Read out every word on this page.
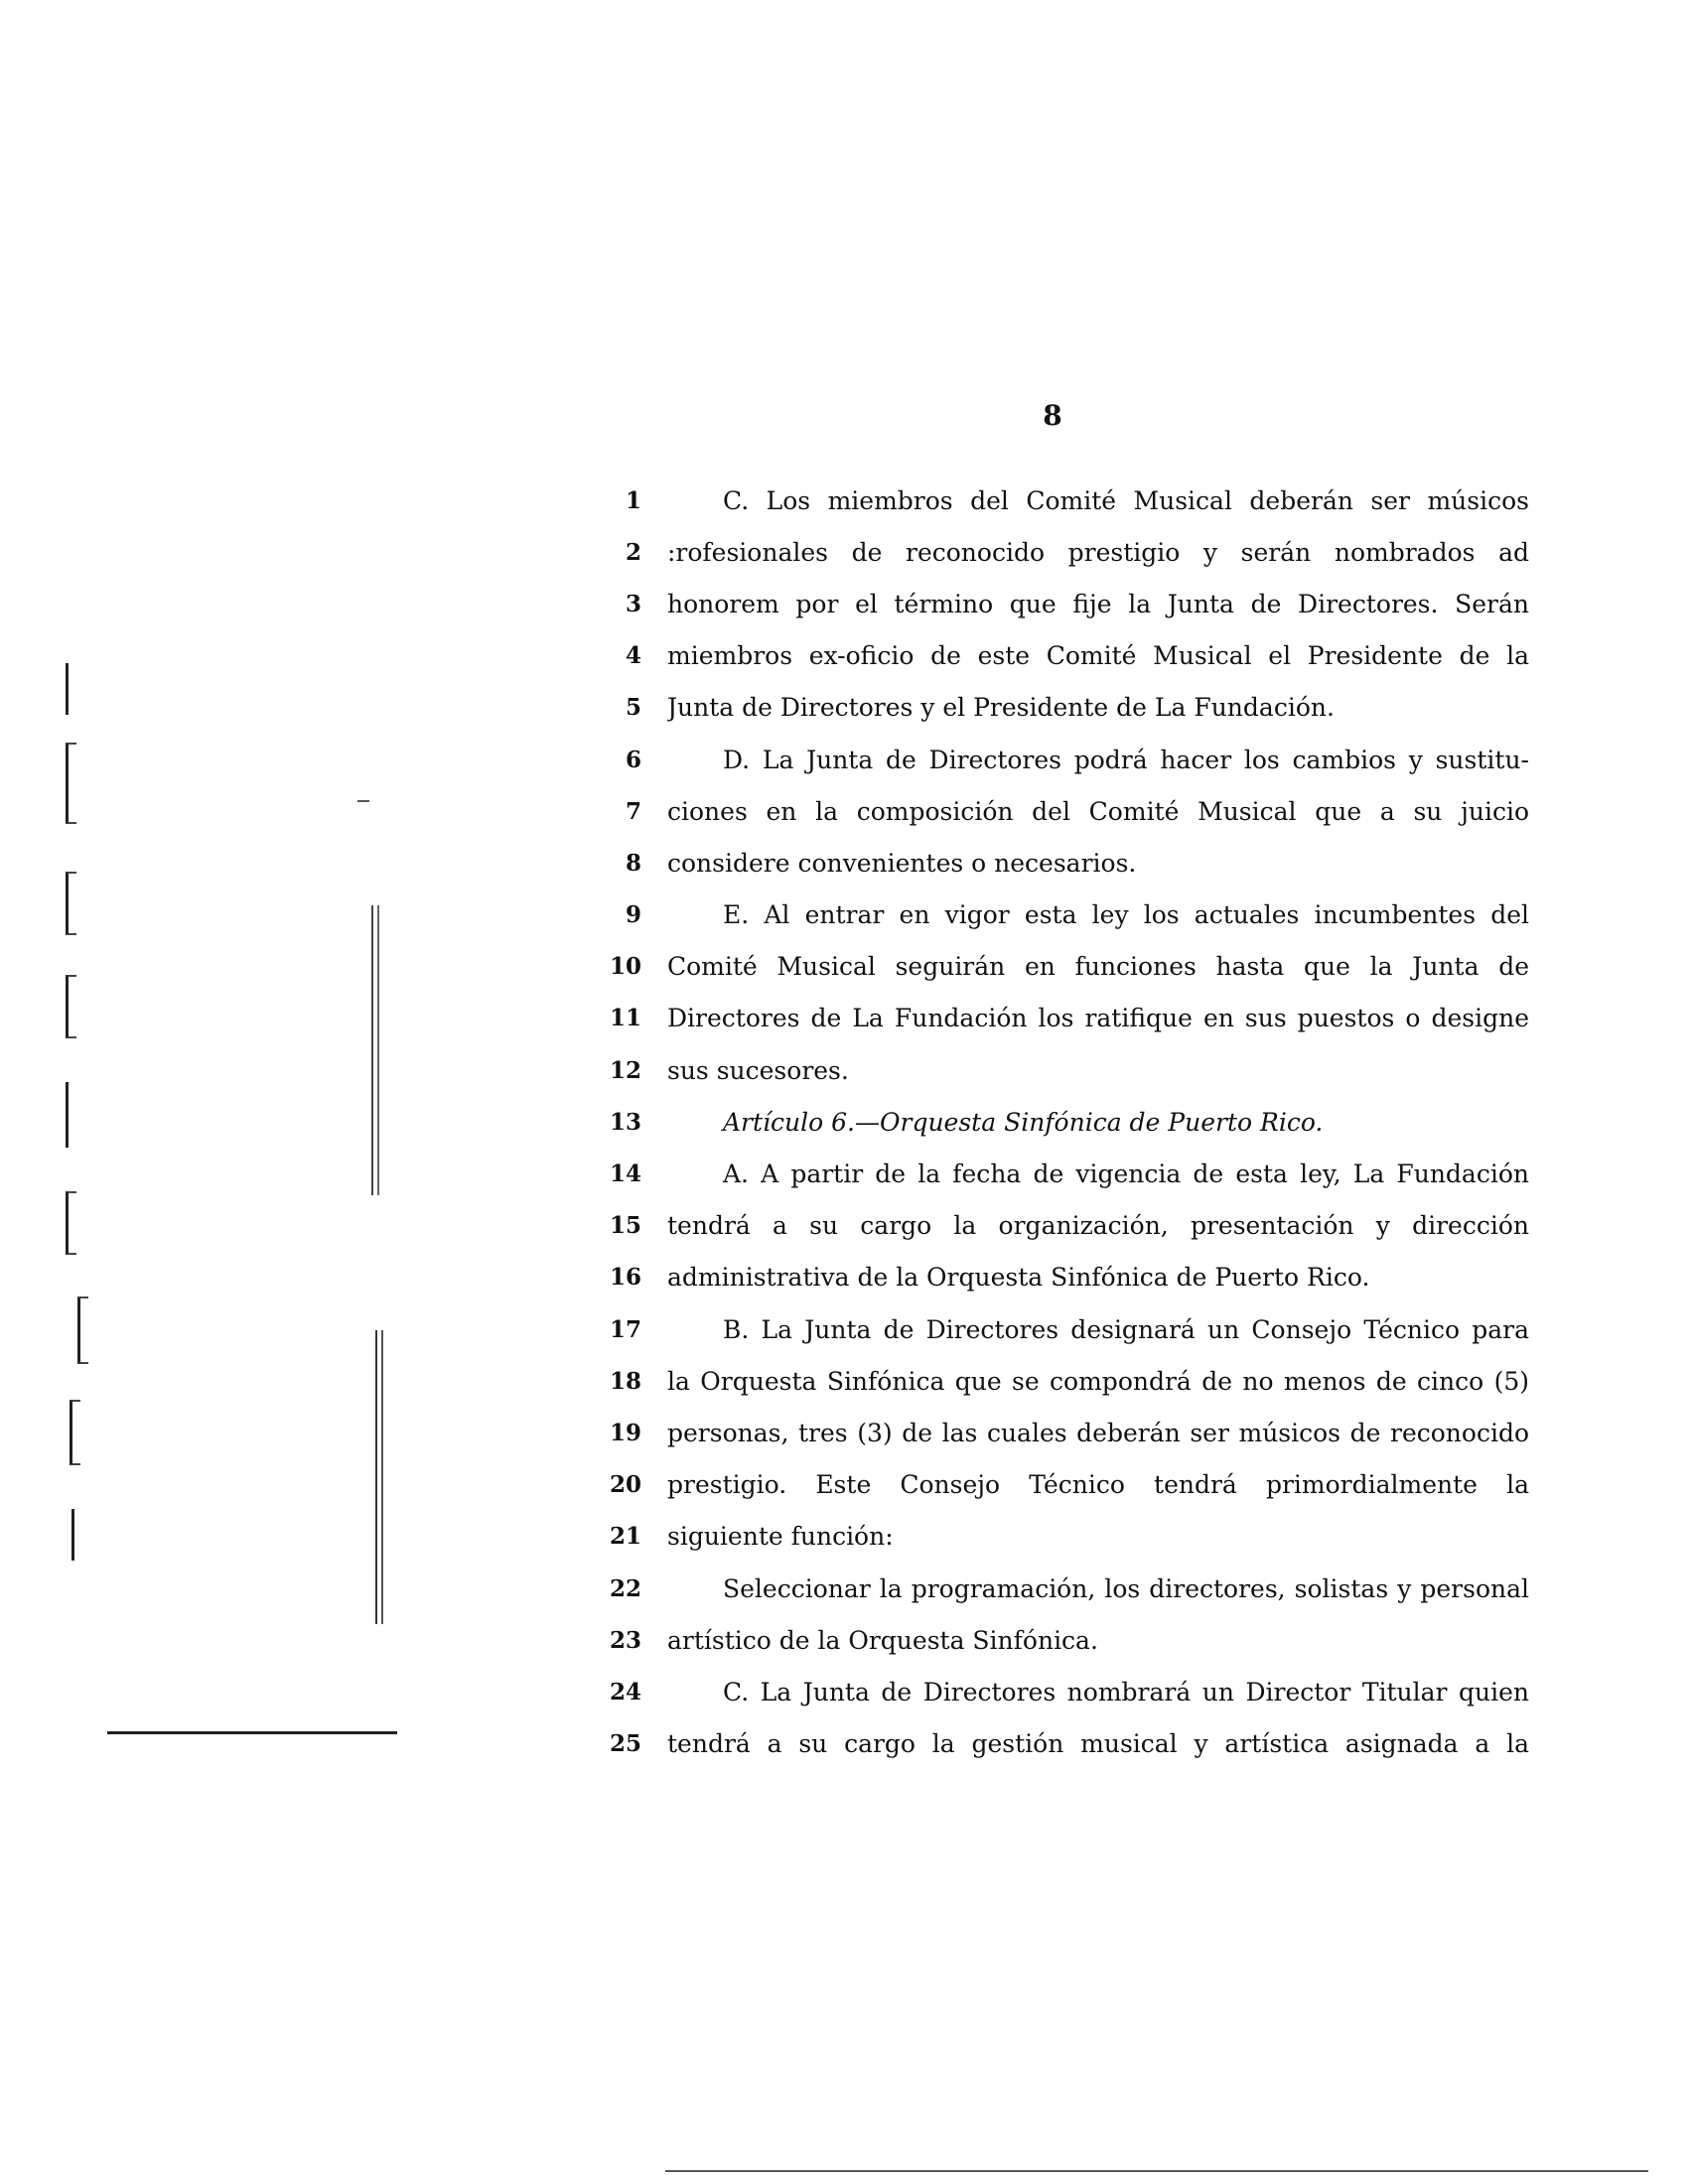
8
1	C. Los miembros del Comité Musical deberán ser músicos
2	:rofesionales de reconocido prestigio y serán nombrados ad
3	honorem por el término que fije la Junta de Directores. Serán
4	miembros ex-oficio de este Comité Musical el Presidente de la
5	Junta de Directores y el Presidente de La Fundación.
6	D. La Junta de Directores podrá hacer los cambios y sustitu-
7	ciones en la composición del Comité Musical que a su juicio
8	considere convenientes o necesarios.
9	E. Al entrar en vigor esta ley los actuales incumbentes del
10	Comité Musical seguirán en funciones hasta que la Junta de
11	Directores de La Fundación los ratifique en sus puestos o designe
12	sus sucesores.
13	Artículo 6.—Orquesta Sinfónica de Puerto Rico.
14	A. A partir de la fecha de vigencia de esta ley, La Fundación
15	tendrá a su cargo la organización, presentación y dirección
16	administrativa de la Orquesta Sinfónica de Puerto Rico.
17	B. La Junta de Directores designará un Consejo Técnico para
18	la Orquesta Sinfónica que se compondrá de no menos de cinco (5)
19	personas, tres (3) de las cuales deberán ser músicos de reconocido
20	prestigio. Este Consejo Técnico tendrá primordialmente la
21	siguiente función:
22	Seleccionar la programación, los directores, solistas y personal
23	artístico de la Orquesta Sinfónica.
24	C. La Junta de Directores nombrará un Director Titular quien
25	tendrá a su cargo la gestión musical y artística asignada a la
